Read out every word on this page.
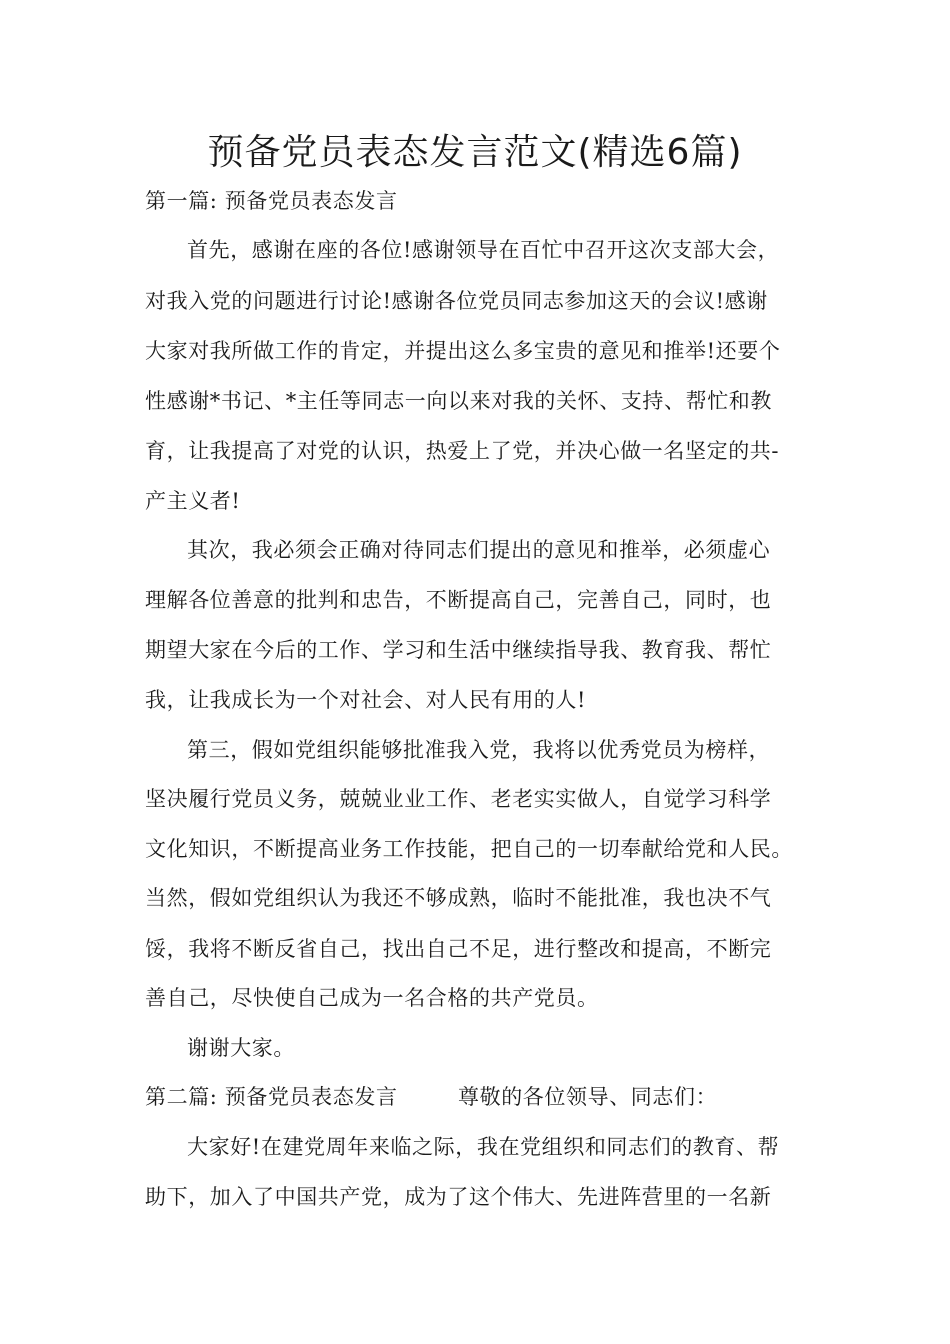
预备党员表态发言范文(精选6篇)
第一篇: 预备党员表态发言
首先，感谢在座的各位!感谢领导在百忙中召开这次支部大会，
对我入党的问题进行讨论!感谢各位党员同志参加这天的会议!感谢
大家对我所做工作的肯定，并提出这么多宝贵的意见和推举!还要个
性感谢*书记、*主任等同志一向以来对我的关怀、支持、帮忙和教
育，让我提高了对党的认识，热爱上了党，并决心做一名坚定的共-
产主义者!
其次，我必须会正确对待同志们提出的意见和推举，必须虚心
理解各位善意的批判和忠告，不断提高自己，完善自己，同时，也
期望大家在今后的工作、学习和生活中继续指导我、教育我、帮忙
我，让我成长为一个对社会、对人民有用的人!
第三，假如党组织能够批准我入党，我将以优秀党员为榜样，
坚决履行党员义务，兢兢业业工作、老老实实做人，自觉学习科学
文化知识，不断提高业务工作技能，把自己的一切奉献给党和人民。
当然，假如党组织认为我还不够成熟，临时不能批准，我也决不气
馁，我将不断反省自己，找出自己不足，进行整改和提高，不断完
善自己，尽快使自己成为一名合格的共产党员。
谢谢大家。
第二篇: 预备党员表态发言	尊敬的各位领导、同志们：
大家好!在建党周年来临之际，我在党组织和同志们的教育、帮
助下，加入了中国共产党，成为了这个伟大、先进阵营里的一名新
